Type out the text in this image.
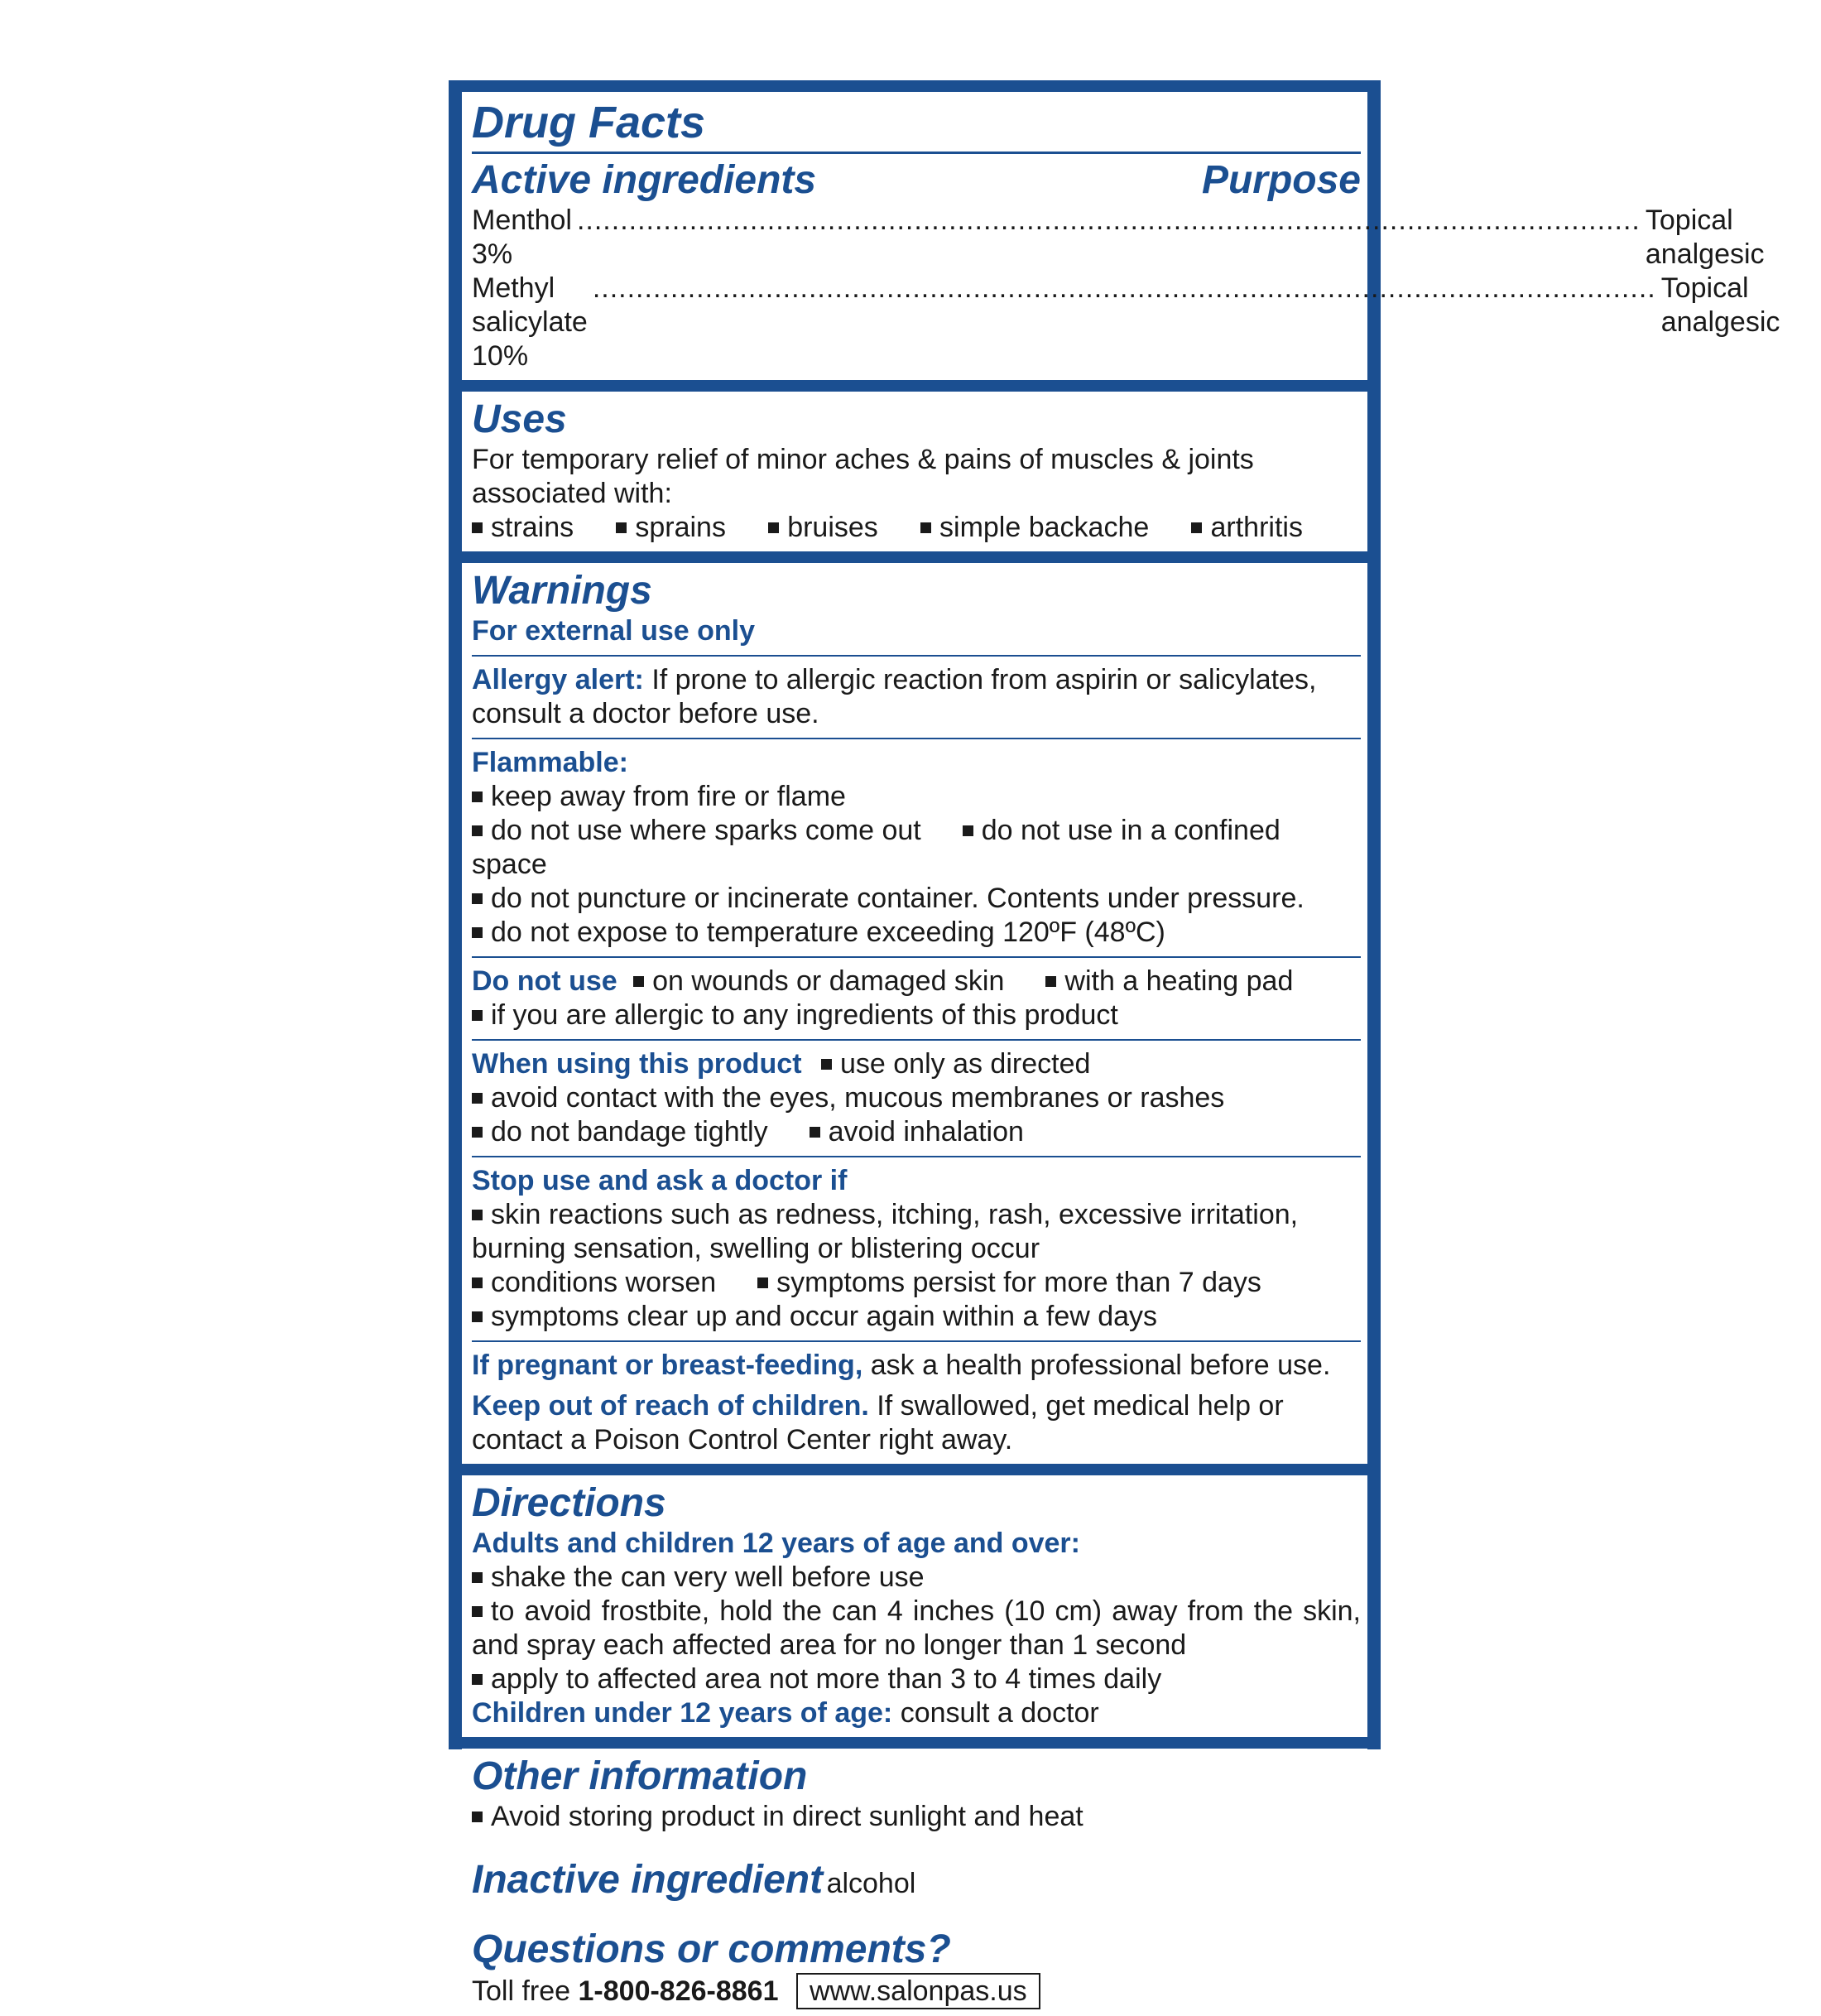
Drug Facts
Active ingredients	Purpose
Menthol 3%
........................................................................................................................... Topical analgesic
Methyl salicylate 10%
........................................................................................................................... Topical analgesic
Uses
For temporary relief of minor aches & pains of muscles & joints associated with:
strains	sprains	bruises	simple backache	arthritis
Warnings
For external use only
Allergy alert: If prone to allergic reaction from aspirin or salicylates, consult a doctor before use.
Flammable:
keep away from fire or flame
do not use where sparks come out do not use in a confined space
do not puncture or incinerate container. Contents under pressure.
do not expose to temperature exceeding 120ºF (48ºC)
Do not use on wounds or damaged skin with a heating pad
if you are allergic to any ingredients of this product
When using this product use only as directed
avoid contact with the eyes, mucous membranes or rashes
do not bandage tightly avoid inhalation
Stop use and ask a doctor if
skin reactions such as redness, itching, rash, excessive irritation, burning sensation, swelling or blistering occur
conditions worsen symptoms persist for more than 7 days
symptoms clear up and occur again within a few days
If pregnant or breast-feeding, ask a health professional before use.
Keep out of reach of children. If swallowed, get medical help or contact a Poison Control Center right away.
Directions
Adults and children 12 years of age and over:
shake the can very well before use
to avoid frostbite, hold the can 4 inches (10 cm) away from the skin, and spray each affected area for no longer than 1 second
apply to affected area not more than 3 to 4 times daily
Children under 12 years of age: consult a doctor
Other information
Avoid storing product in direct sunlight and heat
Inactive ingredient alcohol
Questions or comments?
Toll free 1-800-826-8861 www.salonpas.us
